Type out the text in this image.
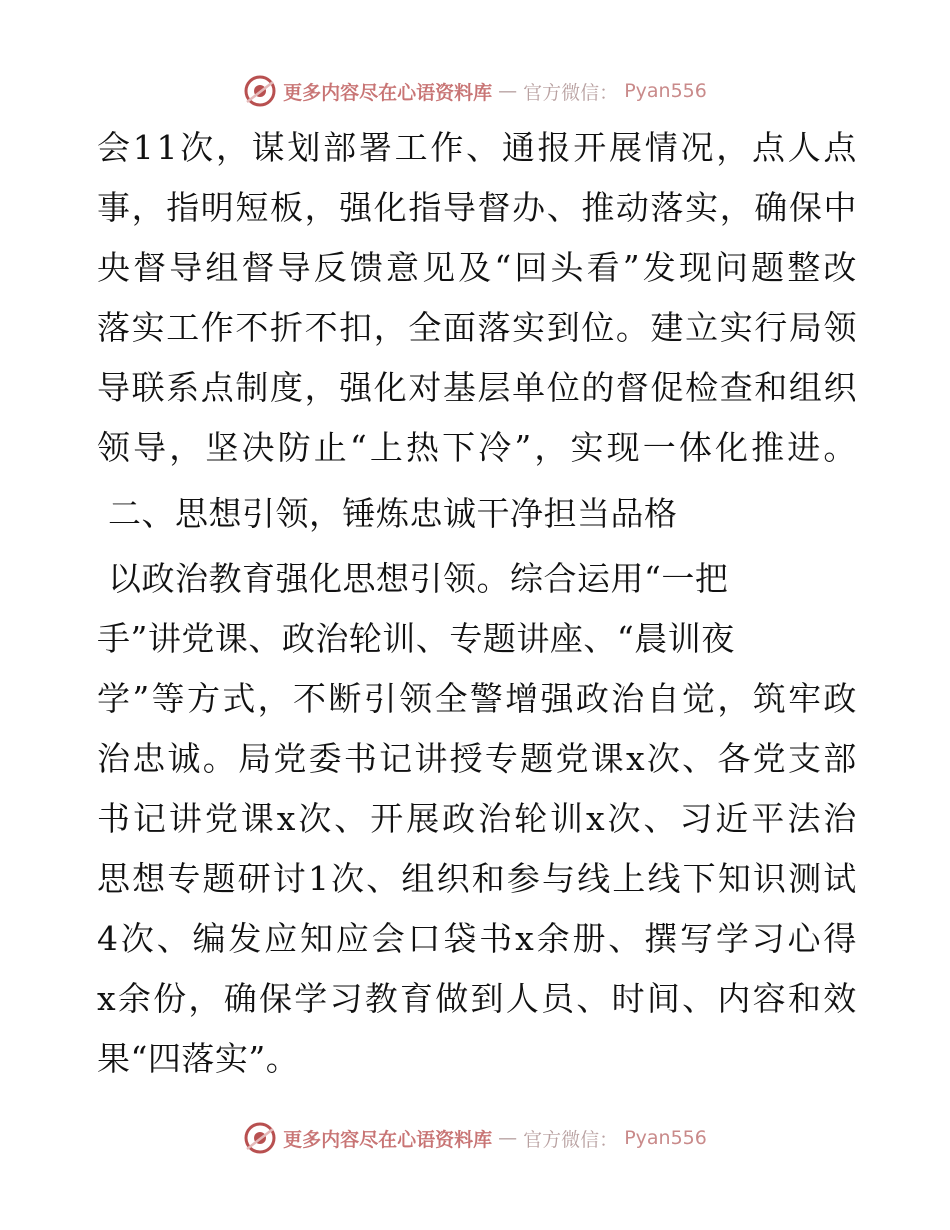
更多内容尽在心语资料库 — 官方微信： Pyan556
会 1 1 次 ， 谋 划 部 署 工 作 、 通 报 开 展 情 况 ， 点 人 点
事 ， 指 明 短 板 ， 强 化 指 导 督 办 、 推 动 落 实 ， 确 保 中
央 督 导 组 督 导 反 馈 意 见 及 “ 回 头 看 ” 发 现 问 题 整 改
落 实 工 作 不 折 不 扣 ， 全 面 落 实 到 位 。 建 立 实 行 局 领
导 联 系 点 制 度 ， 强 化 对 基 层 单 位 的 督 促 检 查 和 组 织
领 导 ， 坚 决 防 止 “ 上 热 下 冷 ” ， 实 现 一 体 化 推 进 。
二、思想引领，锤炼忠诚干净担当品格
以政治教育强化思想引领。综合运用“一把
手”讲党课、政治轮训、专题讲座、“晨训夜
学 ” 等 方 式 ， 不 断 引 领 全 警 增 强 政 治 自 觉 ， 筑 牢 政
治 忠 诚 。 局 党 委 书 记 讲 授 专 题 党 课 x 次 、 各 党 支 部
书 记 讲 党 课 x 次 、 开 展 政 治 轮 训 x 次 、 习 近 平 法 治
思 想 专 题 研 讨 1 次 、 组 织 和 参 与 线 上 线 下 知 识 测 试
4 次 、 编 发 应 知 应 会 口 袋 书 x 余 册 、 撰 写 学 习 心 得
x 余 份 ， 确 保 学 习 教 育 做 到 人 员 、 时 间 、 内 容 和 效
果“四落实”。
更多内容尽在心语资料库 — 官方微信： Pyan556
